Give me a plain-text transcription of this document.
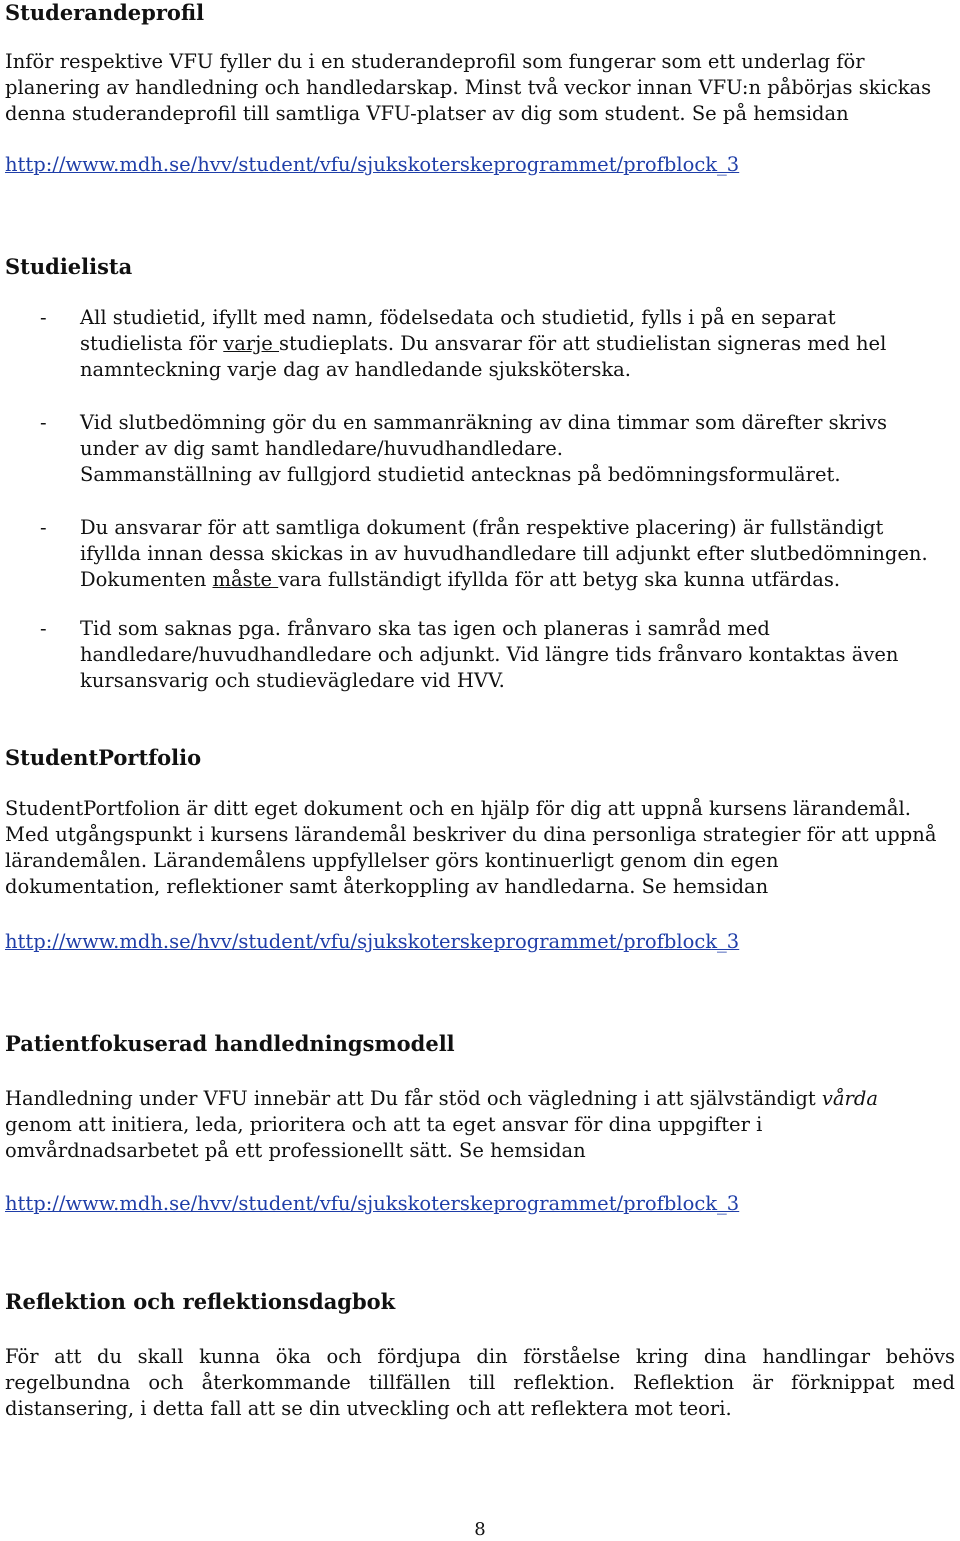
Studerandeprofil
Inför respektive VFU fyller du i en studerandeprofil som fungerar som ett underlag för
planering av handledning och handledarskap. Minst två veckor innan VFU:n påbörjas skickas
denna studerandeprofil till samtliga VFU-platser av dig som student. Se på hemsidan
http://www.mdh.se/hvv/student/vfu/sjukskoterskeprogrammet/profblock_3
Studielista
- All studietid, ifyllt med namn, födelsedata och studietid, fylls i på en separat
studielista för varje studieplats. Du ansvarar för att studielistan signeras med hel
namnteckning varje dag av handledande sjuksköterska.
- Vid slutbedömning gör du en sammanräkning av dina timmar som därefter skrivs
under av dig samt handledare/huvudhandledare.
Sammanställning av fullgjord studietid antecknas på bedömningsformuläret.
- Du ansvarar för att samtliga dokument (från respektive placering) är fullständigt
ifyllda innan dessa skickas in av huvudhandledare till adjunkt efter slutbedömningen.
Dokumenten måste vara fullständigt ifyllda för att betyg ska kunna utfärdas.
- Tid som saknas pga. frånvaro ska tas igen och planeras i samråd med
handledare/huvudhandledare och adjunkt. Vid längre tids frånvaro kontaktas även
kursansvarig och studievägledare vid HVV.
StudentPortfolio
StudentPortfolion är ditt eget dokument och en hjälp för dig att uppnå kursens lärandemål.
Med utgångspunkt i kursens lärandemål beskriver du dina personliga strategier för att uppnå
lärandemålen. Lärandemålens uppfyllelser görs kontinuerligt genom din egen
dokumentation, reflektioner samt återkoppling av handledarna. Se hemsidan
http://www.mdh.se/hvv/student/vfu/sjukskoterskeprogrammet/profblock_3
Patientfokuserad handledningsmodell
Handledning under VFU innebär att Du får stöd och vägledning i att självständigt vårda
genom att initiera, leda, prioritera och att ta eget ansvar för dina uppgifter i
omvårdnadsarbetet på ett professionellt sätt. Se hemsidan
http://www.mdh.se/hvv/student/vfu/sjukskoterskeprogrammet/profblock_3
Reflektion och reflektionsdagbok
För att du skall kunna öka och fördjupa din förståelse kring dina handlingar behövs
regelbundna och återkommande tillfällen till reflektion. Reflektion är förknippat med
distansering, i detta fall att se din utveckling och att reflektera mot teori.
8
